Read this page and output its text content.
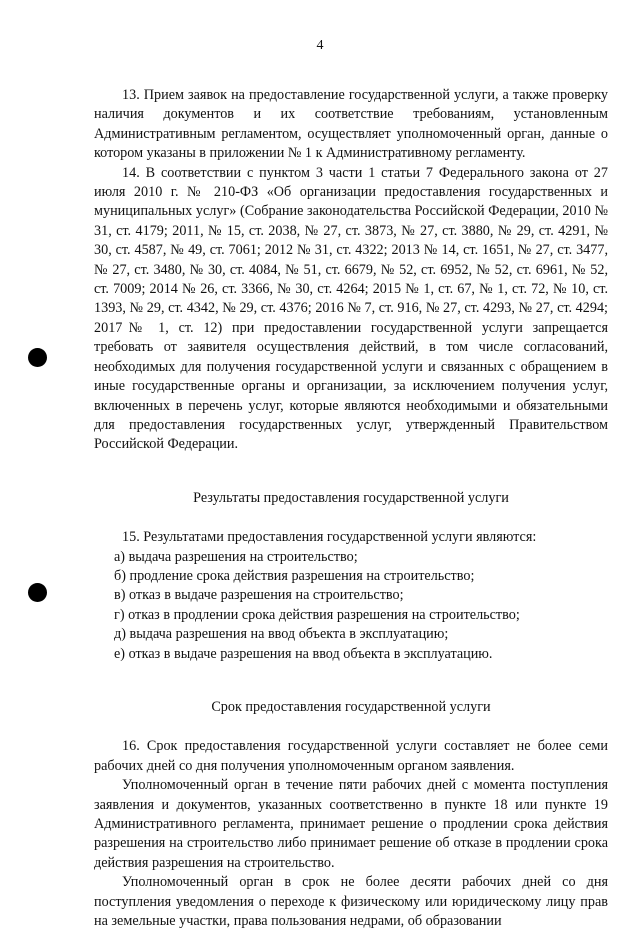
4

13. Прием заявок на предоставление государственной услуги, а также проверку наличия документов и их соответствие требованиям, установленным Административным регламентом, осуществляет уполномоченный орган, данные о котором указаны в приложении № 1 к Административному регламенту.

14. В соответствии с пунктом 3 части 1 статьи 7 Федерального закона от 27 июля 2010 г. № 210-ФЗ «Об организации предоставления государственных и муниципальных услуг» (Собрание законодательства Российской Федерации, 2010 № 31, ст. 4179; 2011, № 15, ст. 2038, № 27, ст. 3873, № 27, ст. 3880, № 29, ст. 4291, № 30, ст. 4587, № 49, ст. 7061; 2012 № 31, ст. 4322; 2013 № 14, ст. 1651, № 27, ст. 3477, № 27, ст. 3480, № 30, ст. 4084, № 51, ст. 6679, № 52, ст. 6952, № 52, ст. 6961, № 52, ст. 7009; 2014 № 26, ст. 3366, № 30, ст. 4264; 2015 № 1, ст. 67, № 1, ст. 72, № 10, ст. 1393, № 29, ст. 4342, № 29, ст. 4376; 2016 № 7, ст. 916, № 27, ст. 4293, № 27, ст. 4294; 2017№ 1, ст. 12) при предоставлении государственной услуги запрещается требовать от заявителя осуществления действий, в том числе согласований, необходимых для получения государственной услуги и связанных с обращением в иные государственные органы и организации, за исключением получения услуг, включенных в перечень услуг, которые являются необходимыми и обязательными для предоставления государственных услуг, утвержденный Правительством Российской Федерации.

Результаты предоставления государственной услуги

15. Результатами предоставления государственной услуги являются:

а) выдача разрешения на строительство;

б) продление срока действия разрешения на строительство;

в) отказ в выдаче разрешения на строительство;

г) отказ в продлении срока действия разрешения на строительство;

д) выдача разрешения на ввод объекта в эксплуатацию;

е) отказ в выдаче разрешения на ввод объекта в эксплуатацию.

Срок предоставления государственной услуги

16. Срок предоставления государственной услуги составляет не более семи рабочих дней со дня получения уполномоченным органом заявления.

Уполномоченный орган в течение пяти рабочих дней с момента поступления заявления и документов, указанных соответственно в пункте 18 или пункте 19 Административного регламента, принимает решение о продлении срока действия разрешения на строительство либо принимает решение об отказе в продлении срока действия разрешения на строительство.

Уполномоченный орган в срок не более десяти рабочих дней со дня поступления уведомления о переходе к физическому или юридическому лицу прав на земельные участки, права пользования недрами, об образовании
